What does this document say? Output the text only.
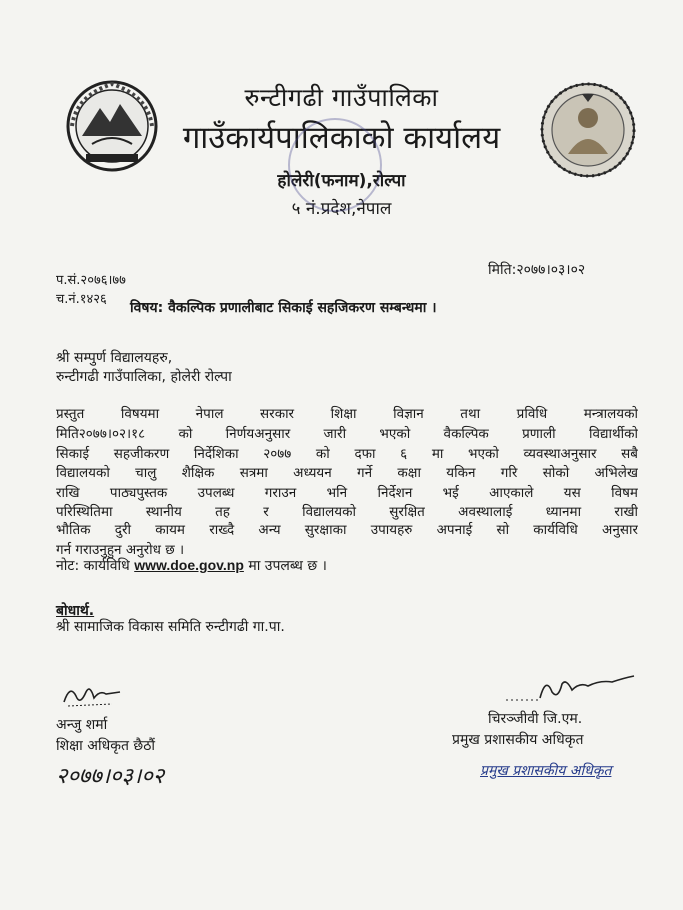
रुन्टीगढी गाउँपालिका
गाउँकार्यपालिकाको कार्यालय
होलेरी(फनाम),रोल्पा
५ नं.प्रदेश,नेपाल
प.सं.२०७६।७७
च.नं.१४२६
मिति:२०७७।०३।०२
विषय: वैकल्पिक प्रणालीबाट सिकाई सहजिकरण सम्बन्धमा ।
श्री सम्पुर्ण विद्यालयहरु,
रुन्टीगढी गाउँपालिका, होलेरी रोल्पा
प्रस्तुत विषयमा नेपाल सरकार शिक्षा विज्ञान तथा प्रविधि मन्त्रालयको
मिति२०७७।०२।१८ को निर्णयअनुसार जारी भएको वैकल्पिक प्रणाली विद्यार्थीको
सिकाई सहजीकरण निर्देशिका २०७७ को दफा ६ मा भएको व्यवस्थाअनुसार सबै
विद्यालयको चालु शैक्षिक सत्रमा अध्ययन गर्ने कक्षा यकिन गरि सोको अभिलेख
राखि पाठ्यपुस्तक उपलब्ध गराउन भनि निर्देशन भई आएकाले यस विषम
परिस्थितिमा स्थानीय तह र विद्यालयको सुरक्षित अवस्थालाई ध्यानमा राखी
भौतिक दुरी कायम राख्दै अन्य सुरक्षाका उपायहरु अपनाई सो कार्यविधि अनुसार
गर्न गराउनुहुन अनुरोध छ ।
नोट: कार्यविधि www.doe.gov.np मा उपलब्ध छ ।
बोधार्थ.
श्री सामाजिक विकास समिति रुन्टीगढी गा.पा.
अन्जु शर्मा
शिक्षा अधिकृत छैठौं
२०७७।०३।०२
चिरञ्जीवी जि.एम.
प्रमुख प्रशासकीय अधिकृत
प्रमुख प्रशासकीय अधिकृत
